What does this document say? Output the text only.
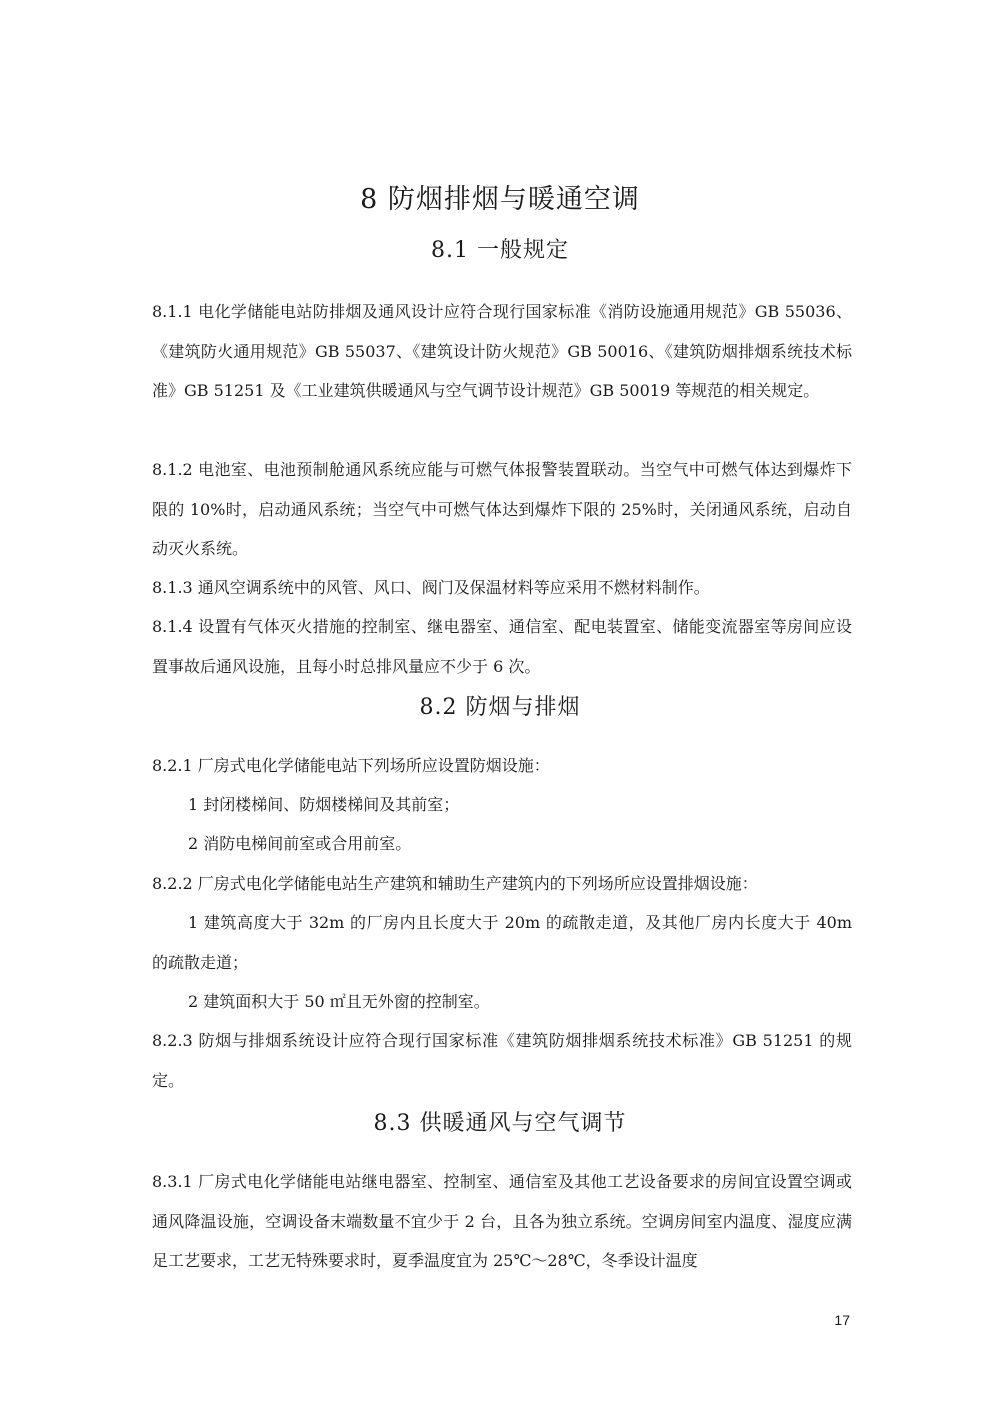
8 防烟排烟与暖通空调
8.1 一般规定
8.1.1 电化学储能电站防排烟及通风设计应符合现行国家标准《消防设施通用规范》GB 55036、《建筑防火通用规范》GB 55037、《建筑设计防火规范》GB 50016、《建筑防烟排烟系统技术标准》GB 51251 及《工业建筑供暖通风与空气调节设计规范》GB 50019 等规范的相关规定。
8.1.2 电池室、电池预制舱通风系统应能与可燃气体报警装置联动。当空气中可燃气体达到爆炸下限的 10%时，启动通风系统；当空气中可燃气体达到爆炸下限的 25%时，关闭通风系统，启动自动灭火系统。
8.1.3 通风空调系统中的风管、风口、阀门及保温材料等应采用不燃材料制作。
8.1.4 设置有气体灭火措施的控制室、继电器室、通信室、配电装置室、储能变流器室等房间应设置事故后通风设施，且每小时总排风量应不少于 6 次。
8.2 防烟与排烟
8.2.1 厂房式电化学储能电站下列场所应设置防烟设施：
1 封闭楼梯间、防烟楼梯间及其前室；
2 消防电梯间前室或合用前室。
8.2.2 厂房式电化学储能电站生产建筑和辅助生产建筑内的下列场所应设置排烟设施：
1 建筑高度大于 32m 的厂房内且长度大于 20m 的疏散走道，及其他厂房内长度大于 40m 的疏散走道；
2 建筑面积大于 50 ㎡且无外窗的控制室。
8.2.3 防烟与排烟系统设计应符合现行国家标准《建筑防烟排烟系统技术标准》GB 51251 的规定。
8.3 供暖通风与空气调节
8.3.1 厂房式电化学储能电站继电器室、控制室、通信室及其他工艺设备要求的房间宜设置空调或通风降温设施，空调设备末端数量不宜少于 2 台，且各为独立系统。空调房间室内温度、湿度应满足工艺要求，工艺无特殊要求时，夏季温度宜为 25℃～28℃，冬季设计温度
17
